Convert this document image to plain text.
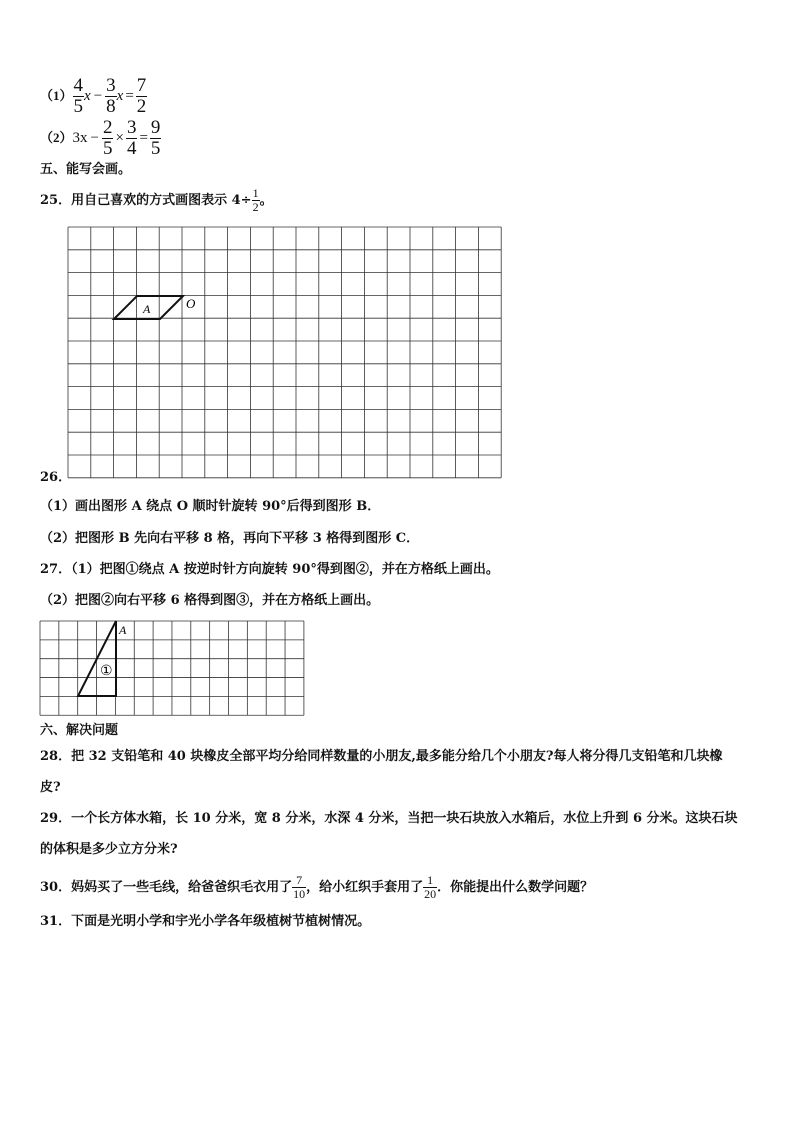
$(1) \frac{4}{5}$ $x - \frac{3}{8}$ $x = \frac{7}{2}$
$(2)3x - \frac{2}{5} \times \frac{3}{4} = \frac{9}{5}$
五、能写会画。
25．用自己喜欢的方式画图表示 $4\div \frac{1}{2}$ 。
A	O
26．
（1）画出图形 A 绕点 O 顺时针旋转 90°后得到图形 B．
（2）把图形 B 先向右平移 8 格，再向下平移 3 格得到图形 C．
27．（1）把图①绕点 A 按逆时针方向旋转 90°得到图②，并在方格纸上画出。
（2）把图②向右平移 6 格得到图③，并在方格纸上画出。
A
①
六、解决问题
28．把 32 支铅笔和 40 块橡皮全部平均分给同样数量的小朋友,最多能分给几个小朋友?每人将分得几支铅笔和几块橡
皮?
29．一个长方体水箱，长 10 分米，宽 8 分米，水深 4 分米，当把一块石块放入水箱后，水位上升到 6 分米。这块石块
的体积是多少立方分米?
30．妈妈买了一些毛线，给爸爸织毛衣用了 $\frac{7}{10}$ ，给小红织手套用了 $\frac{1}{20}$ ．你能提出什么数学问题？
31．下面是光明小学和宇光小学各年级植树节植树情况。
